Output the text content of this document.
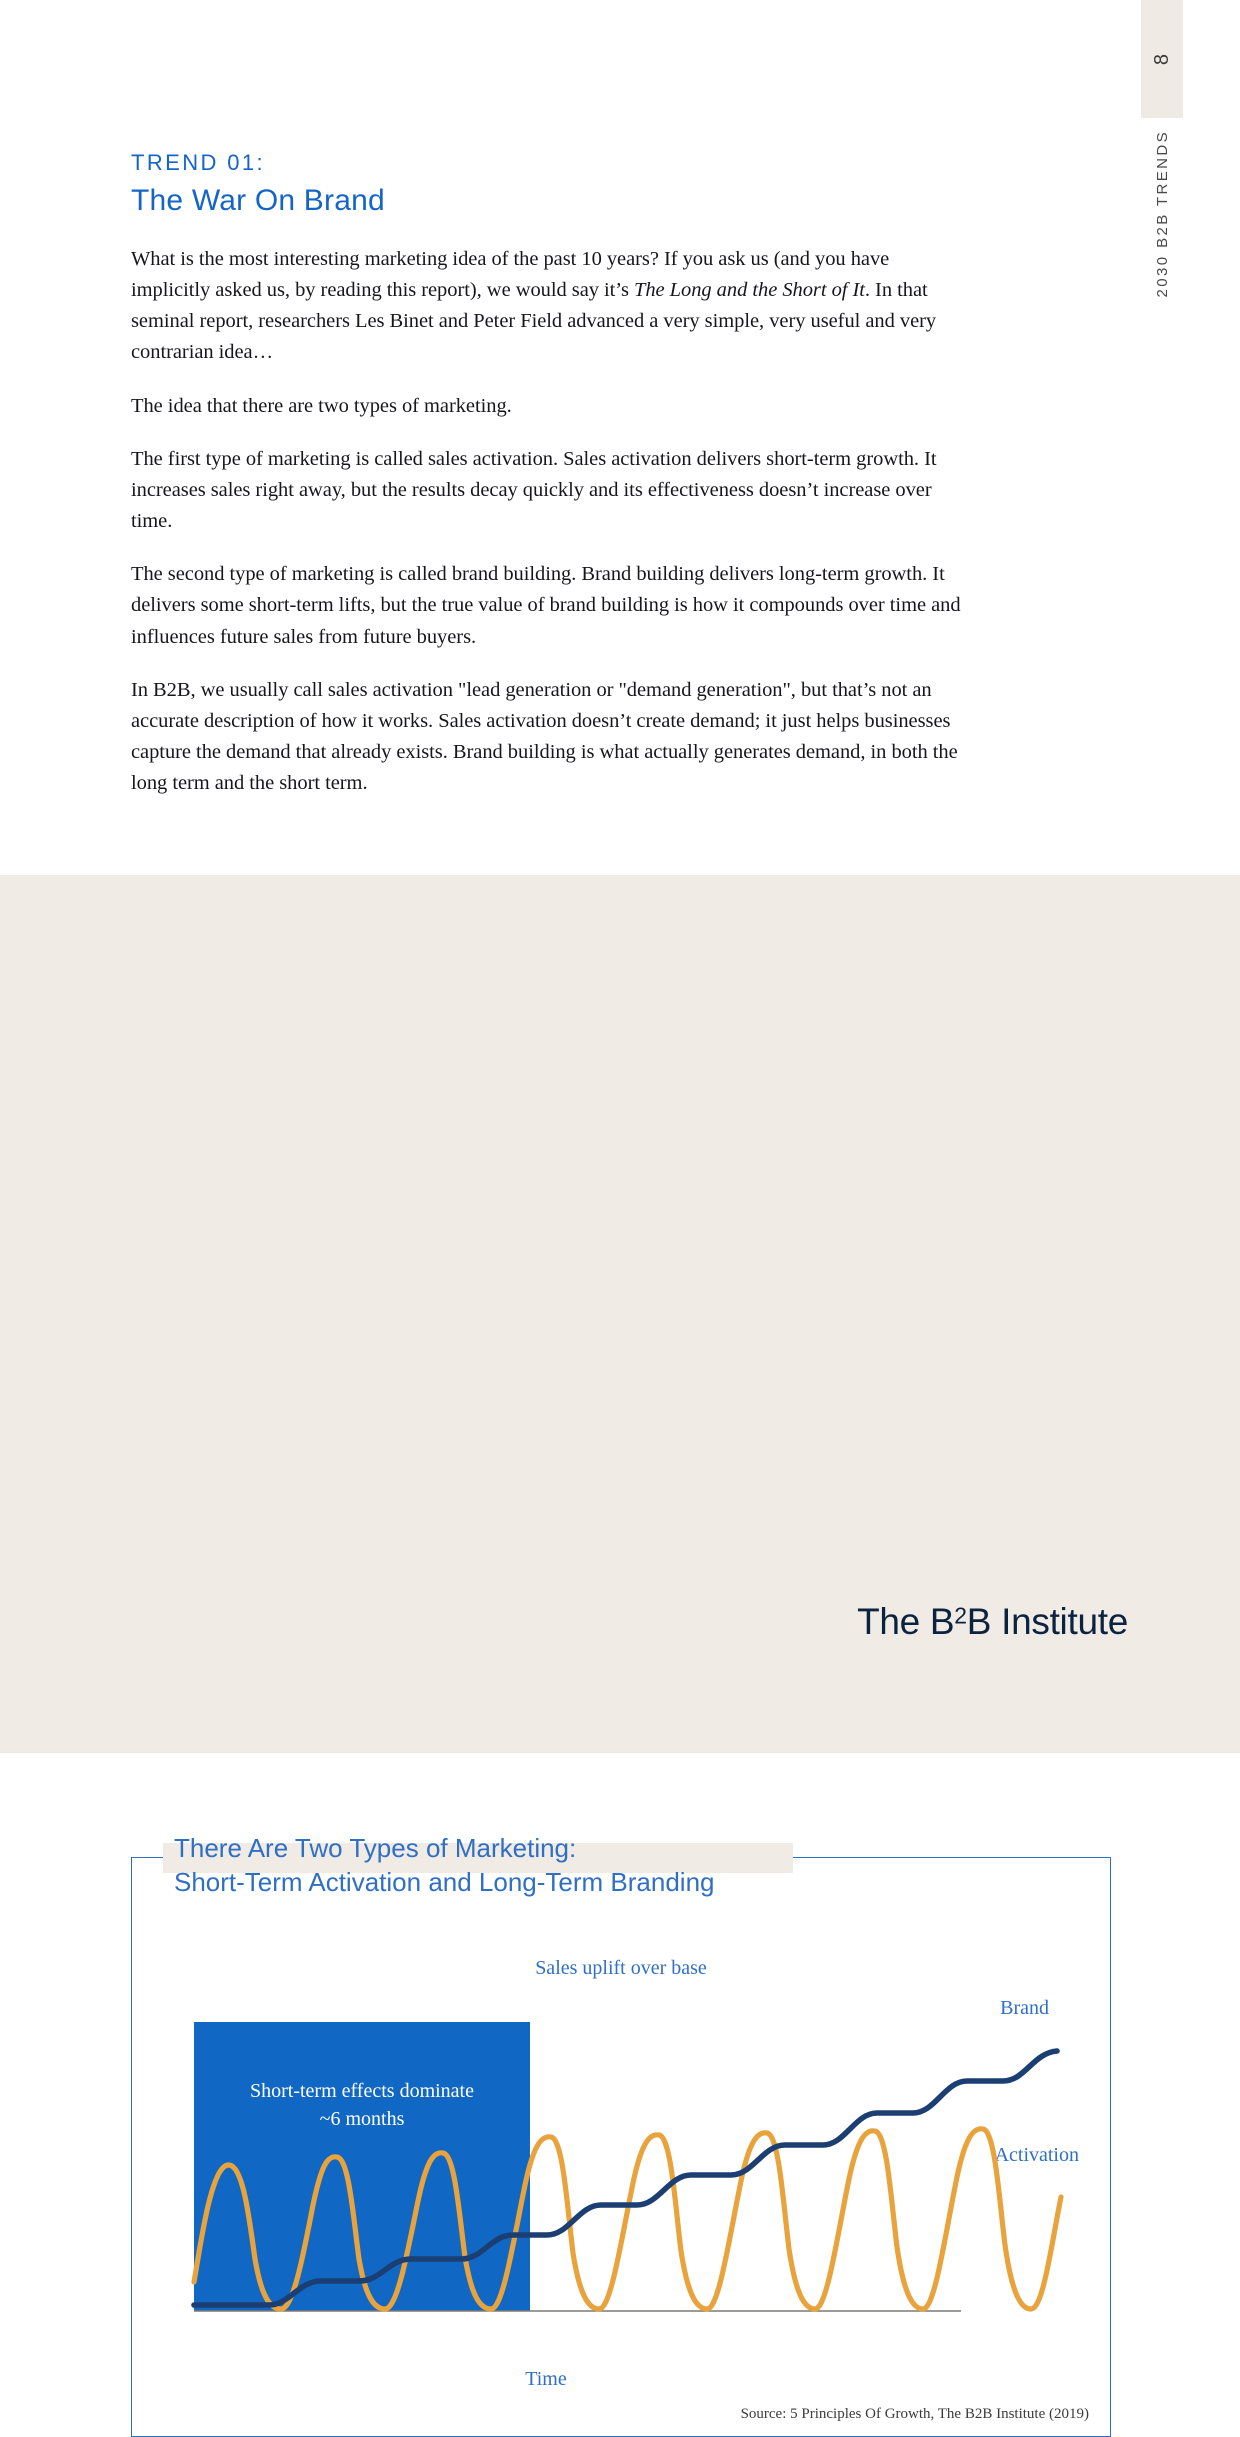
8
2030 B2B TRENDS
TREND 01:
The War On Brand

What is the most interesting marketing idea of the past 10 years? If you ask us (and you have implicitly asked us, by reading this report), we would say it’s The Long and the Short of It. In that seminal report, researchers Les Binet and Peter Field advanced a very simple, very useful and very contrarian idea…

The idea that there are two types of marketing.

The first type of marketing is called sales activation. Sales activation delivers short-term growth. It increases sales right away, but the results decay quickly and its effectiveness doesn’t increase over time.

The second type of marketing is called brand building. Brand building delivers long-term growth. It delivers some short-term lifts, but the true value of brand building is how it compounds over time and influences future sales from future buyers.

In B2B, we usually call sales activation "lead generation or "demand generation", but that’s not an accurate description of how it works. Sales activation doesn’t create demand; it just helps businesses capture the demand that already exists. Brand building is what actually generates demand, in both the long term and the short term.

There Are Two Types of Marketing:
Short-Term Activation and Long-Term Branding
Sales uplift over base
Short-term effects dominate
~6 months
Brand
Activation
Time
Source: 5 Principles Of Growth, The B2B Institute (2019)
The $B^2B$ Institute
